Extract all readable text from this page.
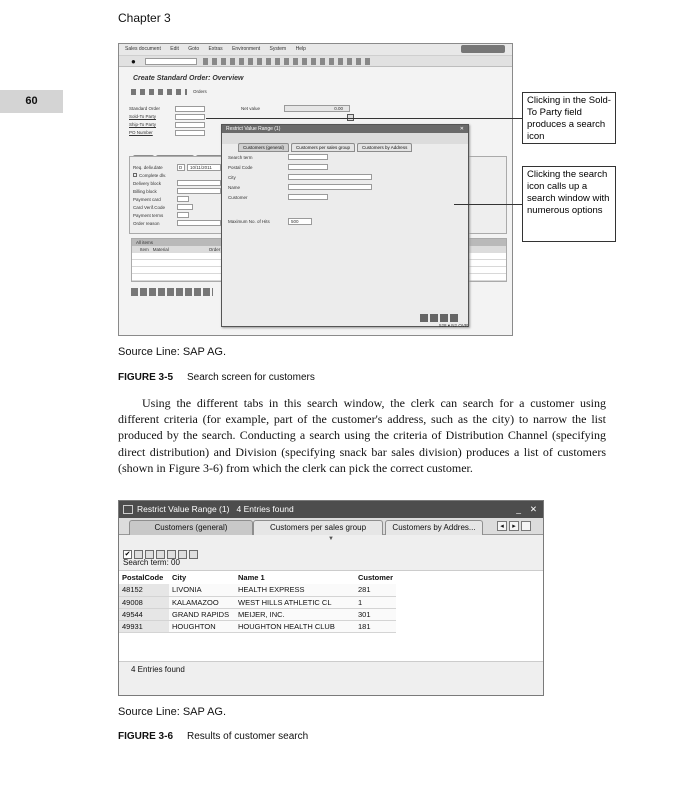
Chapter 3
60
Sales document Edit Goto Extras Environment System Help
●
Create Standard Order: Overview
Orders
Standard Order
Sold-To Party
Ship-To Party
PO Number
Net value	0.00
Req. deliv.date
Complete dlv.
Delivery block
Billing block
Payment card
Card Verif.Code
Payment terms
Order reason
D	10/11/2011
All items
Item Material	Order
Restrict Value Range (1)	✕
Customers (general)	Customers per sales group	Customers by Address
Search term
Postal Code
City
Name
Customer
Maximum No. of Hits	500
528 ▾ N2 OVR
Clicking in the Sold-To Party field produces a search icon
Clicking the search icon calls up a search window with numerous options
Source Line: SAP AG.
FIGURE 3-5 Search screen for customers
Using the different tabs in this search window, the clerk can search for a customer using different criteria (for example, part of the customer's address, such as the city) to narrow the list produced by the search. Conducting a search using the criteria of Distribution Channel (specifying direct distribution) and Division (specifying snack bar sales division) produces a list of customers (shown in Figure 3-6) from which the clerk can pick the correct customer.
Restrict Value Range (1) 4 Entries found	_ ✕
Customers (general)	Customers per sales group	Customers by Addres...	◂	▸
▼
✔
Search term: 00
PostalCode	City	Name 1	Customer
48152	LIVONIA	HEALTH EXPRESS	281
49008	KALAMAZOO	WEST HILLS ATHLETIC CL	1
49544	GRAND RAPIDS	MEIJER, INC.	301
49931	HOUGHTON	HOUGHTON HEALTH CLUB	181
4 Entries found
Source Line: SAP AG.
FIGURE 3-6 Results of customer search
